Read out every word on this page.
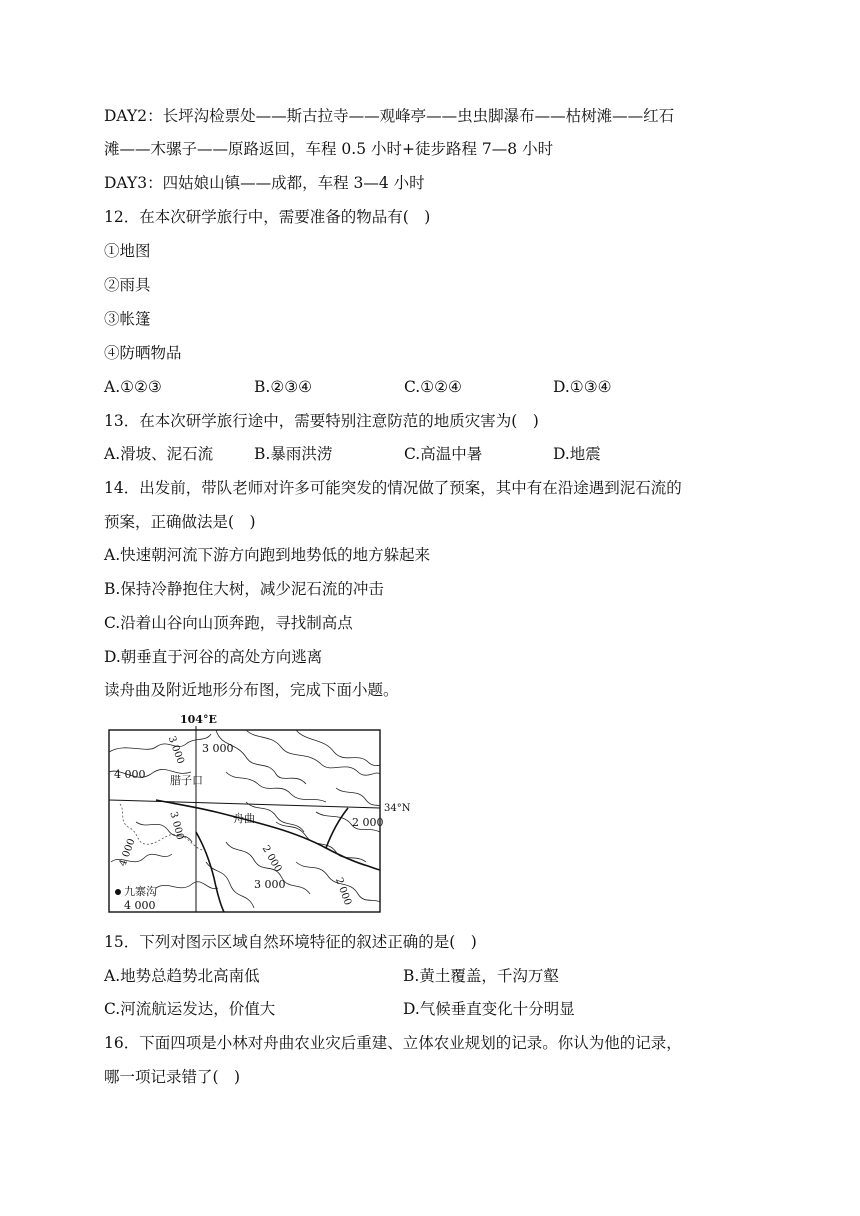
DAY2：长坪沟检票处——斯古拉寺——观峰亭——虫虫脚瀑布——枯树滩——红石
滩——木骡子——原路返回，车程 0.5 小时+徒步路程 7—8 小时
DAY3：四姑娘山镇——成都，车程 3—4 小时
12．在本次研学旅行中，需要准备的物品有(　)
①地图
②雨具
③帐篷
④防晒物品
A.①②③	B.②③④	C.①②④	D.①③④
13．在本次研学旅行途中，需要特别注意防范的地质灾害为(　)
A.滑坡、泥石流	B.暴雨洪涝	C.高温中暑	D.地震
14．出发前，带队老师对许多可能突发的情况做了预案，其中有在沿途遇到泥石流的
预案，正确做法是(　)
A.快速朝河流下游方向跑到地势低的地方躲起来
B.保持冷静抱住大树，减少泥石流的冲击
C.沿着山谷向山顶奔跑，寻找制高点
D.朝垂直于河谷的高处方向逃离
读舟曲及附近地形分布图，完成下面小题。
104°E
34°N
腊子口
舟曲
九寨沟
3 000
3 000
4 000
3 000	2 000
2 000
4 000
3 000	2 000
4 000
15．下列对图示区域自然环境特征的叙述正确的是(　)
A.地势总趋势北高南低	B.黄土覆盖，千沟万壑
C.河流航运发达，价值大	D.气候垂直变化十分明显
16．下面四项是小林对舟曲农业灾后重建、立体农业规划的记录。你认为他的记录，
哪一项记录错了(　)
